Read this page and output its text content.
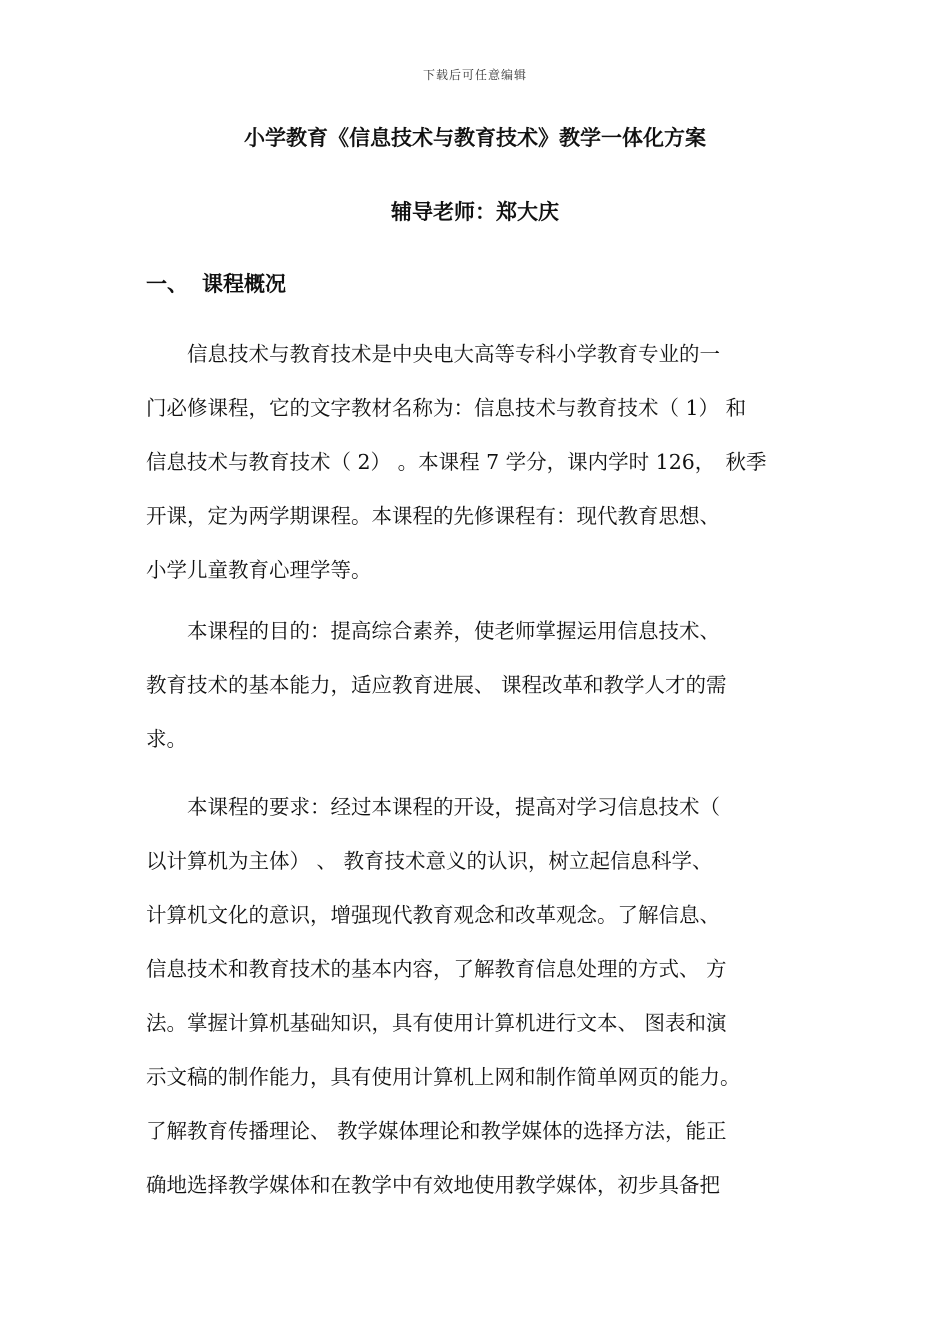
下载后可任意编辑
小学教育《信息技术与教育技术》教学一体化方案
辅导老师：郑大庆
一、 课程概况
　　信息技术与教育技术是中央电大高等专科小学教育专业的一
门必修课程，它的文字教材名称为：信息技术与教育技术（ 1） 和
信息技术与教育技术（ 2） 。本课程 7 学分，课内学时 126，　秋季
开课，定为两学期课程。本课程的先修课程有：现代教育思想、
小学儿童教育心理学等。
　　本课程的目的：提高综合素养，使老师掌握运用信息技术、
教育技术的基本能力，适应教育进展、 课程改革和教学人才的需
求。
　　本课程的要求：经过本课程的开设，提高对学习信息技术（
以计算机为主体） 、 教育技术意义的认识，树立起信息科学、
计算机文化的意识，增强现代教育观念和改革观念。了解信息、
信息技术和教育技术的基本内容，了解教育信息处理的方式、 方
法。掌握计算机基础知识，具有使用计算机进行文本、 图表和演
示文稿的制作能力，具有使用计算机上网和制作简单网页的能力。
了解教育传播理论、 教学媒体理论和教学媒体的选择方法，能正
确地选择教学媒体和在教学中有效地使用教学媒体，初步具备把
